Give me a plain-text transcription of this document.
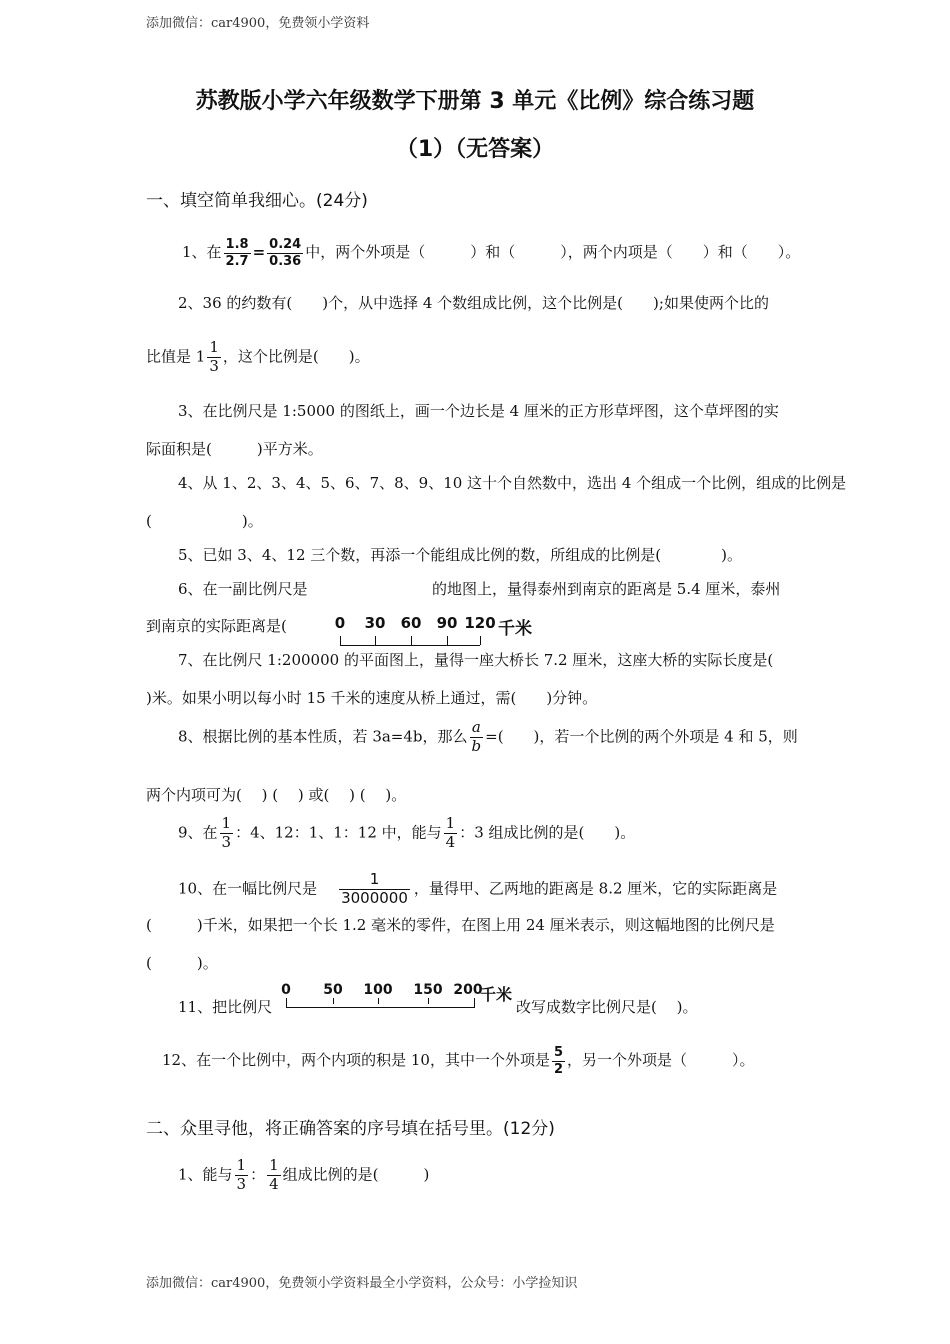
添加微信：car4900，免费领小学资料
苏教版小学六年级数学下册第 3 单元《比例》综合练习题
（1）（无答案）
一、填空简单我细心。(24分)
1、在 $\frac{1.8}{2.7} = \frac{0.24}{0.36}$ 中，两个外项是（　　　）和（　　　），两个内项是（　　）和（　　）。
2、36 的约数有(　　)个，从中选择 4 个数组成比例，这个比例是(　　);如果使两个比的
比值是 $1 \frac{1}{3}$ ，这个比例是(　　)。
3、在比例尺是 1:5000 的图纸上，画一个边长是 4 厘米的正方形草坪图，这个草坪图的实
际面积是(　　　)平方米。
4、从 1、2、3、4、5、6、7、8、9、10 这十个自然数中，选出 4 个组成一个比例，组成的比例是
(　　　　　　)。
5、已如 3、4、12 三个数，再添一个能组成比例的数，所组成的比例是(　　　　)。
6、在一副比例尺是	的地图上，量得泰州到南京的距离是 5.4 厘米，泰州
到南京的实际距离是(	0 30 60 90 120 千米
7、在比例尺 1:200000 的平面图上，量得一座大桥长 7.2 厘米，这座大桥的实际长度是(
)米。如果小明以每小时 15 千米的速度从桥上通过，需(　　)分钟。
8、根据比例的基本性质，若 3a=4b，那么 $\frac{a}{b}$ =(　　)，若一个比例的两个外项是 4 和 5，则
两个内项可为(　 ) (　 ) 或(　 ) (　 )。
9、在 $\frac{1}{3}$ ：4、12：1、1：12 中，能与 $\frac{1}{4}$ ：3 组成比例的是(　　)。
10、在一幅比例尺是 $\frac{1}{3000000}$ ，量得甲、乙两地的距离是 8.2 厘米，它的实际距离是
(　　　)千米，如果把一个长 1.2 毫米的零件，在图上用 24 厘米表示，则这幅地图的比例尺是
(　　　)。
11、把比例尺
0 50 100 150 200
千米
改写成数字比例尺是(　 )。
12、在一个比例中，两个内项的积是 10，其中一个外项是 $\frac{5}{2}$ ，另一个外项是（　　　）。
二、众里寻他，将正确答案的序号填在括号里。(12分)
1、能与 $\frac{1}{3}$ ： $\frac{1}{4}$ 组成比例的是(　　　)
添加微信：car4900，免费领小学资料最全小学资料，公众号：小学捡知识
